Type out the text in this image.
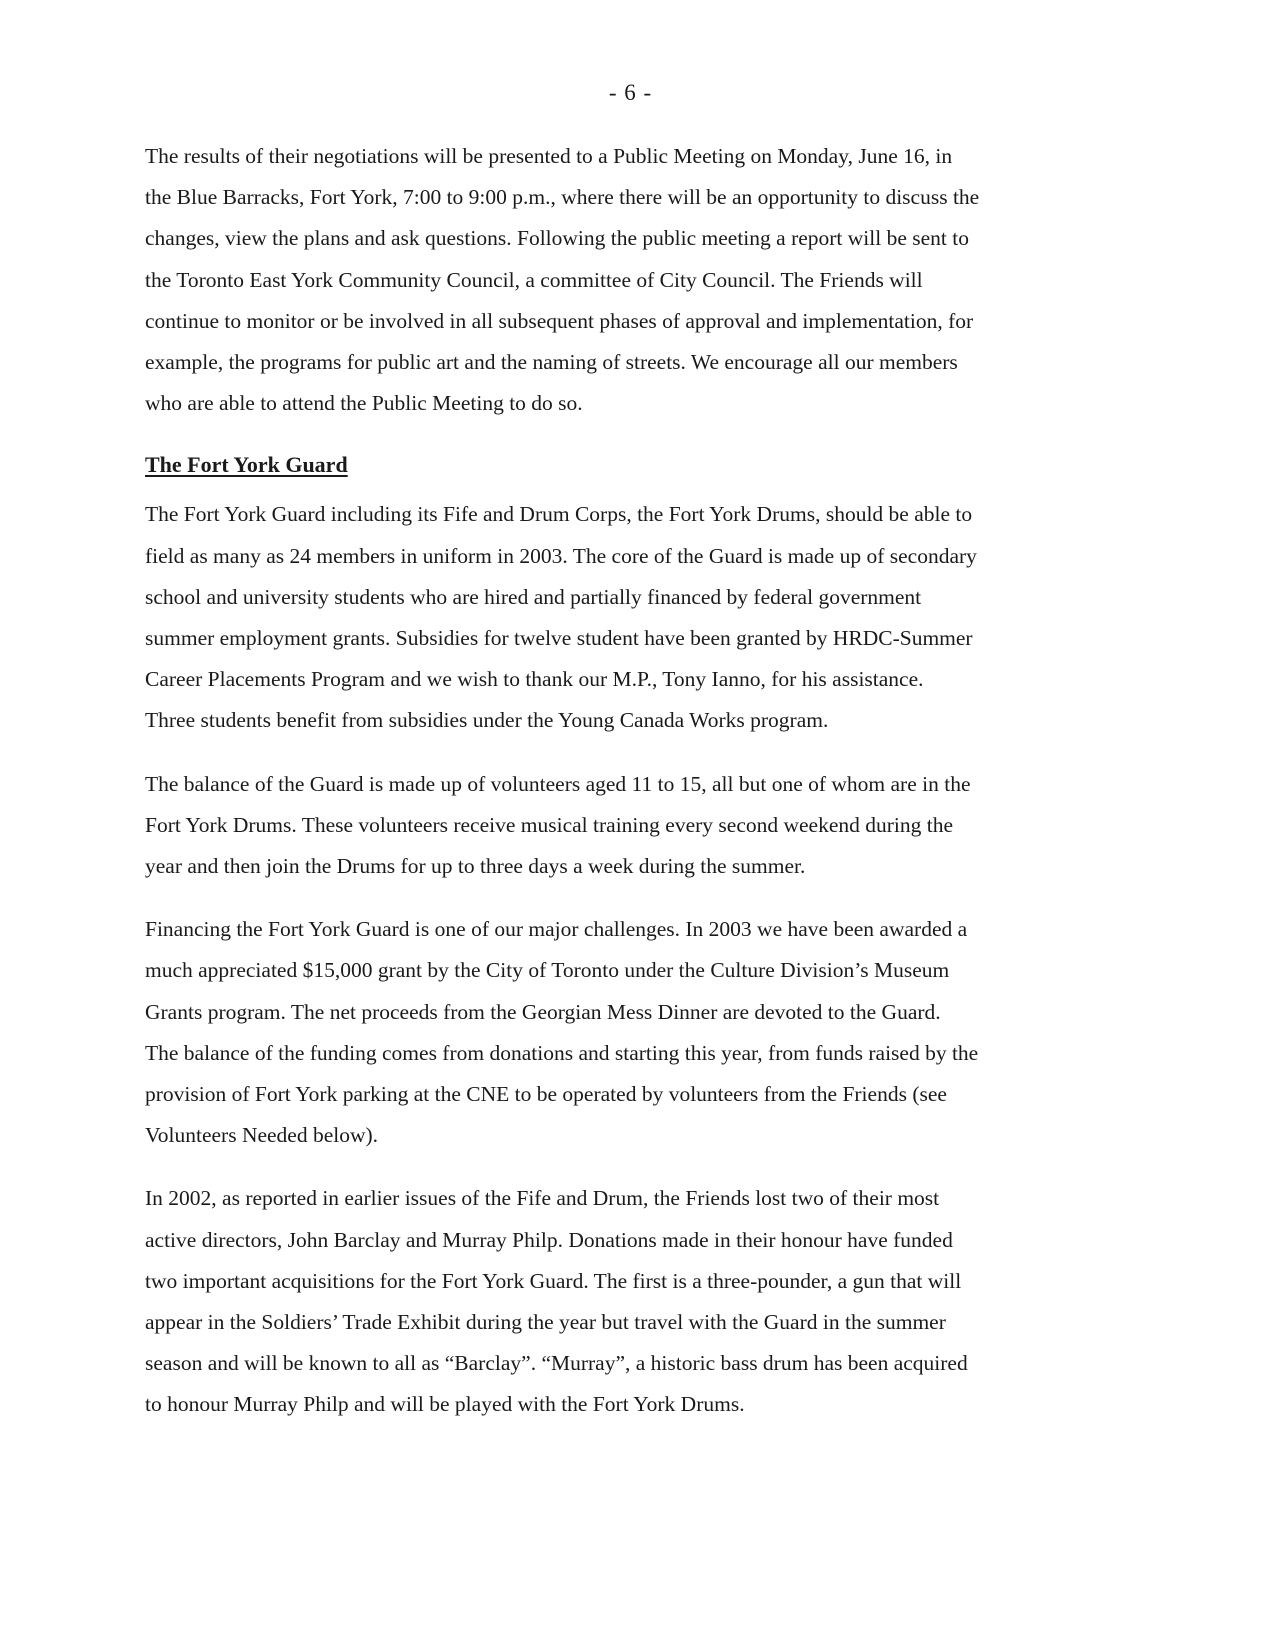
- 6 -

The results of their negotiations will be presented to a Public Meeting on Monday, June 16, in
the Blue Barracks, Fort York, 7:00 to 9:00 p.m., where there will be an opportunity to discuss the
changes, view the plans and ask questions. Following the public meeting a report will be sent to
the Toronto East York Community Council, a committee of City Council. The Friends will
continue to monitor or be involved in all subsequent phases of approval and implementation, for
example, the programs for public art and the naming of streets. We encourage all our members
who are able to attend the Public Meeting to do so.

The Fort York Guard

The Fort York Guard including its Fife and Drum Corps, the Fort York Drums, should be able to
field as many as 24 members in uniform in 2003. The core of the Guard is made up of secondary
school and university students who are hired and partially financed by federal government
summer employment grants. Subsidies for twelve student have been granted by HRDC-Summer
Career Placements Program and we wish to thank our M.P., Tony Ianno, for his assistance.
Three students benefit from subsidies under the Young Canada Works program.

The balance of the Guard is made up of volunteers aged 11 to 15, all but one of whom are in the
Fort York Drums. These volunteers receive musical training every second weekend during the
year and then join the Drums for up to three days a week during the summer.

Financing the Fort York Guard is one of our major challenges. In 2003 we have been awarded a
much appreciated $15,000 grant by the City of Toronto under the Culture Division’s Museum
Grants program. The net proceeds from the Georgian Mess Dinner are devoted to the Guard.
The balance of the funding comes from donations and starting this year, from funds raised by the
provision of Fort York parking at the CNE to be operated by volunteers from the Friends (see
Volunteers Needed below).

In 2002, as reported in earlier issues of the Fife and Drum, the Friends lost two of their most
active directors, John Barclay and Murray Philp. Donations made in their honour have funded
two important acquisitions for the Fort York Guard. The first is a three-pounder, a gun that will
appear in the Soldiers’ Trade Exhibit during the year but travel with the Guard in the summer
season and will be known to all as “Barclay”. “Murray”, a historic bass drum has been acquired
to honour Murray Philp and will be played with the Fort York Drums.
